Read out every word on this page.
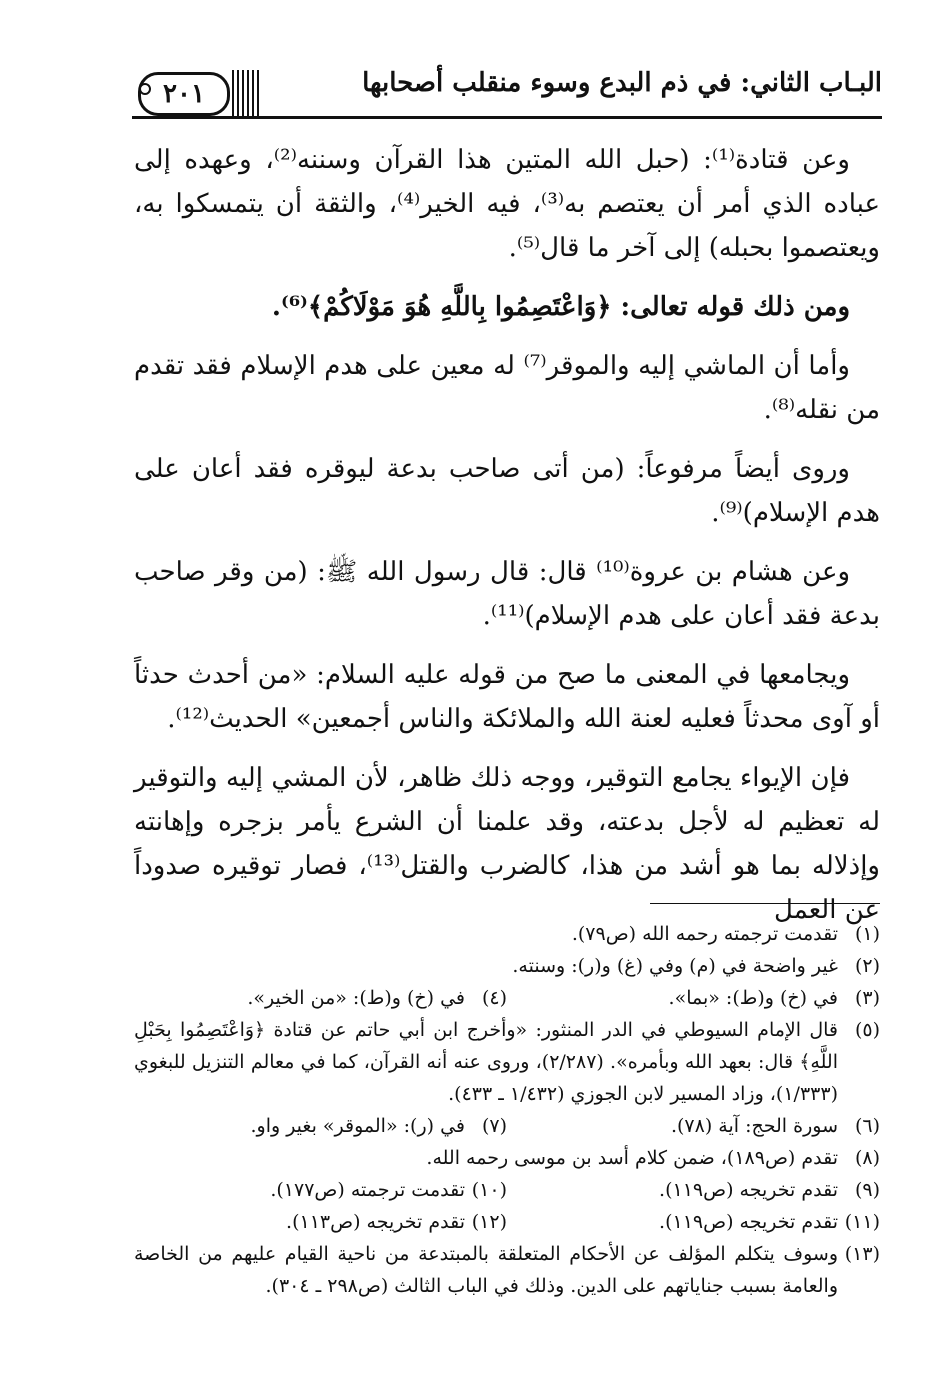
البـاب الثاني: في ذم البدع وسوء منقلب أصحابها
٢٠١

وعن قتادة⁽¹⁾: (حبل الله المتين هذا القرآن وسننه⁽²⁾، وعهده إلى عباده الذي أمر أن يعتصم به⁽³⁾، فيه الخير⁽⁴⁾، والثقة أن يتمسكوا به، ويعتصموا بحبله) إلى آخر ما قال⁽⁵⁾.

ومن ذلك قوله تعالى: ﴿وَاعْتَصِمُوا بِاللَّهِ هُوَ مَوْلَاكُمْ﴾⁽⁶⁾.

وأما أن الماشي إليه والموقر⁽⁷⁾ له معين على هدم الإسلام فقد تقدم من نقله⁽⁸⁾.

وروى أيضاً مرفوعاً: (من أتى صاحب بدعة ليوقره فقد أعان على هدم الإسلام)⁽⁹⁾.

وعن هشام بن عروة⁽¹⁰⁾ قال: قال رسول الله ﷺ: (من وقر صاحب بدعة فقد أعان على هدم الإسلام)⁽¹¹⁾.

ويجامعها في المعنى ما صح من قوله عليه السلام: «من أحدث حدثاً أو آوى محدثاً فعليه لعنة الله والملائكة والناس أجمعين» الحديث⁽¹²⁾.

فإن الإيواء يجامع التوقير، ووجه ذلك ظاهر، لأن المشي إليه والتوقير له تعظيم له لأجل بدعته، وقد علمنا أن الشرع يأمر بزجره وإهانته وإذلاله بما هو أشد من هذا، كالضرب والقتل⁽¹³⁾، فصار توقيره صدوداً عن العمل

(١)
تقدمت ترجمته رحمه الله (ص٧٩).
(٢)
غير واضحة في (م) وفي (غ) و(ر): وسنته.
(٣)
في (خ) و(ط): «بما».
(٤)
في (خ) و(ط): «من الخير».
(٥)
قال الإمام السيوطي في الدر المنثور: «وأخرج ابن أبي حاتم عن قتادة ﴿وَاعْتَصِمُوا بِحَبْلِ اللَّهِ﴾ قال: بعهد الله وبأمره». (٢/٢٨٧)، وروى عنه أنه القرآن، كما في معالم التنزيل للبغوي (١/٣٣٣)، وزاد المسير لابن الجوزي (١/٤٣٢ ـ ٤٣٣).
(٦)
سورة الحج: آية (٧٨).
(٧)
في (ر): «الموقر» بغير واو.
(٨)
تقدم (ص١٨٩)، ضمن كلام أسد بن موسى رحمه الله.
(٩)
تقدم تخريجه (ص١١٩).
(١٠)
تقدمت ترجمته (ص١٧٧).
(١١)
تقدم تخريجه (ص١١٩).
(١٢)
تقدم تخريجه (ص١١٣).
(١٣)
وسوف يتكلم المؤلف عن الأحكام المتعلقة بالمبتدعة من ناحية القيام عليهم من الخاصة والعامة بسبب جناياتهم على الدين. وذلك في الباب الثالث (ص٢٩٨ ـ ٣٠٤).
